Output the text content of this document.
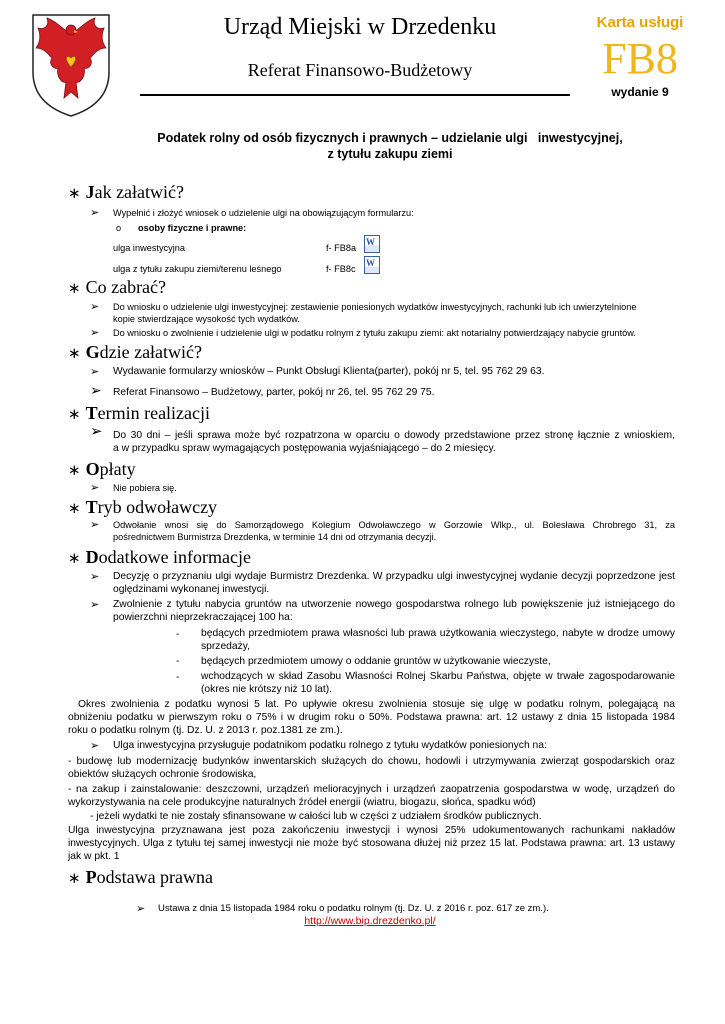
Urząd Miejski w Drzedenku
Referat Finansowo-Budżetowy
Karta usługi
FB8
wydanie 9
Podatek rolny od osób fizycznych i prawnych – udzielanie ulgi   inwestycyjnej,
z tytułu zakupu ziemi
∗ Jak załatwić?
➢ Wypełnić i złożyć wniosek o udzielenie ulgi na obowiązującym formularzu:
o osoby fizyczne i prawne:
ulga inwestycyjna	f- FB8a
W
ulga z tytułu zakupu ziemi/terenu leśnego	f- FB8c
W
∗ Co zabrać?
➢ Do wniosku o udzielenie ulgi inwestycyjnej: zestawienie poniesionych wydatków inwestycyjnych, rachunki lub ich uwierzytelnione
kopie stwierdzające wysokość tych wydatków.
➢ Do wniosku o zwolnienie i udzielenie ulgi w podatku rolnym z tytułu zakupu ziemi: akt notarialny potwierdzający nabycie gruntów.
∗ Gdzie załatwić?
➢ Wydawanie formularzy wniosków – Punkt Obsługi Klienta(parter), pokój nr 5, tel. 95 762 29 63.
➢ Referat Finansowo – Budżetowy, parter, pokój nr 26, tel. 95 762 29 75.
∗ Termin realizacji
➢ Do 30 dni – jeśli sprawa może być rozpatrzona w oparciu o dowody przedstawione przez stronę łącznie z wnioskiem,
a w przypadku spraw wymagających postępowania wyjaśniającego – do 2 miesięcy.
∗ Opłaty
➢ Nie pobiera się.
∗ Tryb odwoławczy
➢ Odwołanie wnosi się do Samorządowego Kolegium Odwoławczego w Gorzowie Wlkp., ul. Bolesława Chrobrego 31, za
pośrednictwem Burmistrza Drezdenka, w terminie 14 dni od otrzymania decyzji.
∗ Dodatkowe informacje
➢ Decyzję o przyznaniu ulgi wydaje Burmistrz Drezdenka. W przypadku ulgi inwestycyjnej wydanie decyzji poprzedzone jest
oględzinami wykonanej inwestycji.
➢ Zwolnienie z tytułu nabycia gruntów na utworzenie nowego gospodarstwa rolnego lub powiększenie już istniejącego do
powierzchni nieprzekraczającej 100 ha:
- będących przedmiotem prawa własności lub prawa użytkowania wieczystego, nabyte w drodze umowy
sprzedaży,
- będących przedmiotem umowy o oddanie gruntów w użytkowanie wieczyste,
- wchodzących w skład Zasobu Własności Rolnej Skarbu Państwa, objęte w trwałe zagospodarowanie
(okres nie krótszy niż 10 lat).
Okres zwolnienia z podatku wynosi 5 lat. Po upływie okresu zwolnienia stosuje się ulgę w podatku rolnym, polegającą na
obniżeniu podatku w pierwszym roku o 75% i w drugim roku o 50%. Podstawa prawna: art. 12 ustawy z dnia 15 listopada 1984
roku o podatku rolnym (tj. Dz. U. z 2013 r. poz.1381 ze zm.).
➢ Ulga inwestycyjna przysługuje podatnikom podatku rolnego z tytułu wydatków poniesionych na:
- budowę lub modernizację budynków inwentarskich służących do chowu, hodowli i utrzymywania zwierząt gospodarskich oraz
obiektów służących ochronie środowiska,
- na zakup i zainstalowanie: deszczowni, urządzeń melioracyjnych i urządzeń zaopatrzenia gospodarstwa w wodę, urządzeń do
wykorzystywania na cele produkcyjne naturalnych źródeł energii (wiatru, biogazu, słońca, spadku wód)
- jeżeli wydatki te nie zostały sfinansowane w całości lub w części z udziałem środków publicznych.
Ulga inwestycyjna przyznawana jest poza zakończeniu inwestycji i wynosi 25% udokumentowanych rachunkami nakładów
inwestycyjnych. Ulga z tytułu tej samej inwestycji nie może być stosowana dłużej niż przez 15 lat. Podstawa prawna: art. 13 ustawy
jak w pkt. 1
∗ Podstawa prawna
➢ Ustawa z dnia 15 listopada 1984 roku o podatku rolnym (tj. Dz. U. z 2016 r. poz. 617 ze zm.).
http://www.bip.drezdenko.pl/
